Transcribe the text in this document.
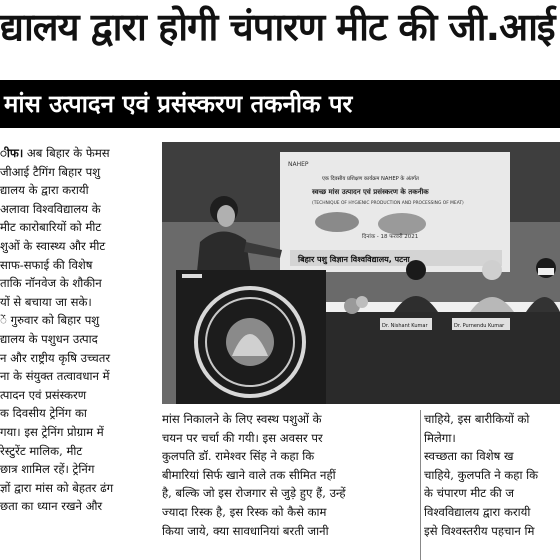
द्यालय द्वारा होगी चंपारण मीट की जी.आई
मांस उत्पादन एवं प्रसंस्करण तकनीक पर

ीफ। अब बिहार के फेमस

जीआई टैगिंग बिहार पशु

द्यालय के द्वारा करायी

अलावा विश्वविद्यालय के

मीट कारोबारियों को मीट

शुओं के स्वास्थ्य और मीट

साफ-सफाई की विशेष

ताकि नॉनवेज के शौकीन

यों से बचाया जा सके।

ें गुरुवार को बिहार पशु

द्यालय के पशुधन उत्पाद

न और राष्ट्रीय कृषि उच्चतर

ना के संयुक्त तत्वावधान में

त्पादन एवं प्रसंस्करण

क दिवसीय ट्रेनिंग का

गया। इस ट्रेनिंग प्रोग्राम में

रेस्टुरेंट मालिक, मीट

छात्र शामिल रहें। ट्रेनिंग

ज्ञों द्वारा मांस को बेहतर ढंग

छता का ध्यान रखने और

NAHEP
एक दिवसीय प्रशिक्षण कार्यक्रम NAHEP के अंतर्गत
स्वच्छ मांस उत्पादन एवं प्रसंस्करण के तकनीक
(TECHNIQUE OF HYGIENIC PRODUCTION AND PROCESSING OF MEAT)
दिनांक - 18 फरवरी 2021
बिहार पशु विज्ञान विश्वविद्यालय, पटना
Dr. Nishant Kumar	Dr. Purnendu Kumar

मांस निकालने के लिए स्वस्थ पशुओं के

चयन पर चर्चा की गयी। इस अवसर पर

कुलपति डॉ. रामेश्वर सिंह ने कहा कि

बीमारियां सिर्फ खाने वाले तक सीमित नहीं

है, बल्कि जो इस रोजगार से जुड़े हुए हैं, उन्हें

ज्यादा रिस्क है, इस रिस्क को कैसे काम

किया जाये, क्या सावधानियां बरती जानी

चाहिये, इस बारीकियों को

मिलेगा।

स्वच्छता का विशेष ख

चाहिये, कुलपति ने कहा कि

के चंपारण मीट की ज

विश्वविद्यालय द्वारा करायी

इसे विश्वस्तरीय पहचान मि
